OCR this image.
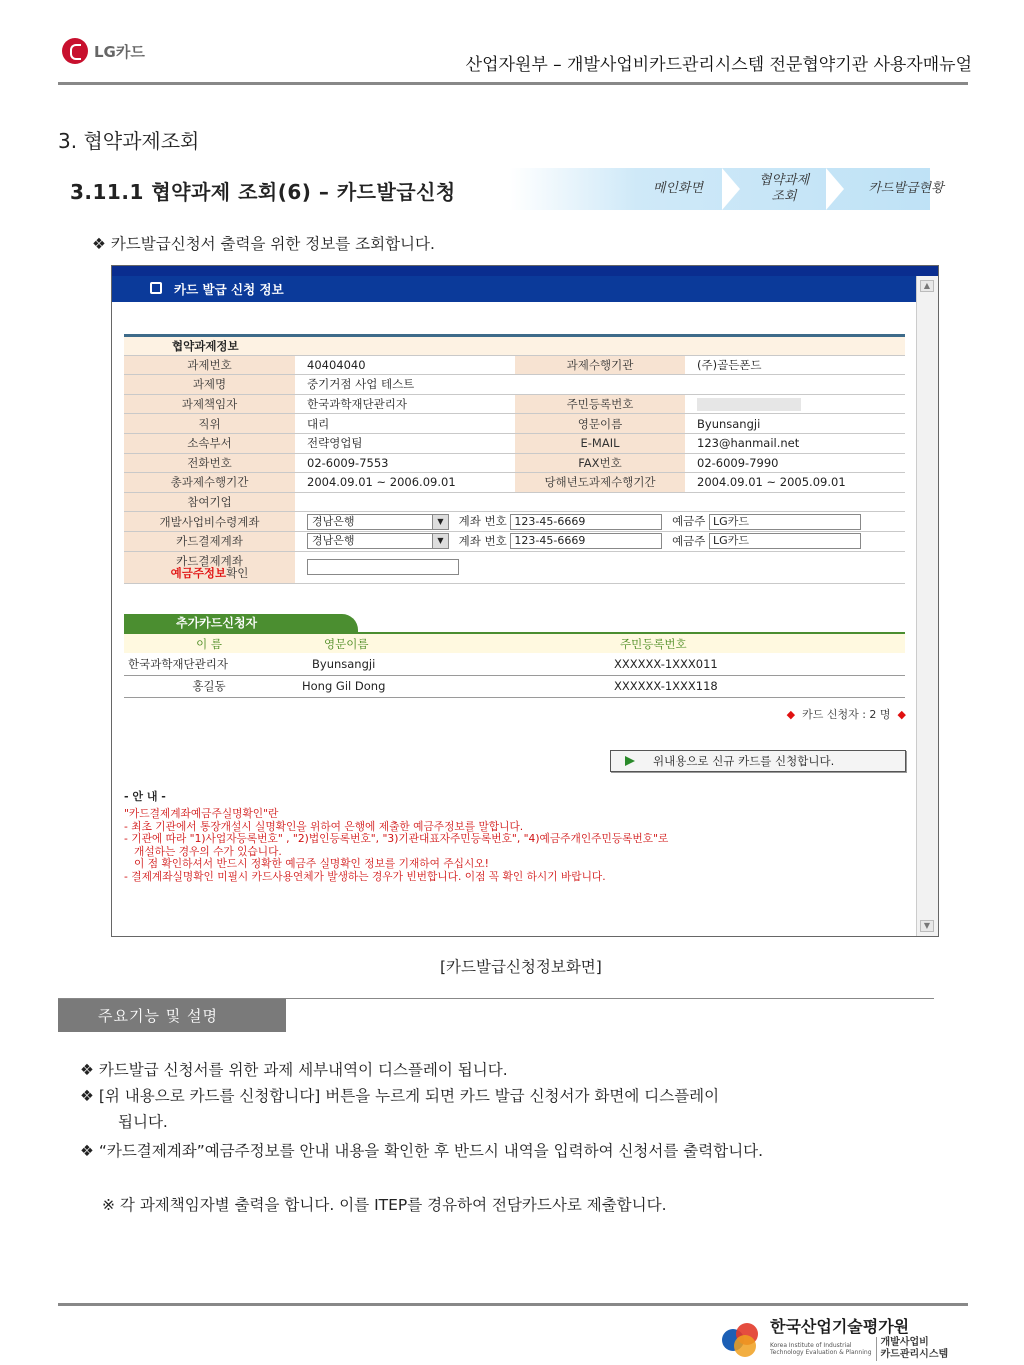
LG카드
산업자원부 – 개발사업비카드관리시스템 전문협약기관 사용자매뉴얼
3. 협약과제조회
3.11.1 협약과제 조회(6) – 카드발급신청	메인화면
협약과제 조회
카드발급현황
❖ 카드발급신청서 출력을 위한 정보를 조회합니다.
카드 발급 신청 정보	▲
▼
협약과제정보			
과제번호	40404040	과제수행기관	(주)골든폰드
과제명	중기거점 사업 테스트		
과제책임자	한국과학재단관리자	주민등록번호	
직위	대리	영문이름	Byunsangji
소속부서	전략영업팀	E-MAIL	123@hanmail.net
전화번호	02-6009-7553	FAX번호	02-6009-7990
총과제수행기간	2004.09.01 ~ 2006.09.01	당해년도과제수행기간	2004.09.01 ~ 2005.09.01
참여기업			
개발사업비수령계좌	경남은행 ▼ 계좌 번호 123-45-6669 예금주 LG카드		
카드결제계좌	경남은행 ▼ 계좌 번호 123-45-6669 예금주 LG카드		
카드결제계좌
예금주정보확인			
추가카드신청자
이 름	영문이름	주민등록번호
한국과학재단관리자	Byunsangji	XXXXXX-1XXX011
홍길동	Hong Gil Dong	XXXXXX-1XXX118
◆ 카드 신청자 : 2 명 ◆
위내용으로 신규 카드를 신청합니다.
- 안 내 -
"카드결제계좌예금주실명확인"란
- 최초 기관에서 통장개설시 실명확인을 위하여 은행에 제출한 예금주정보를 말합니다.
- 기관에 따라 "1)사업자등록번호" , "2)법인등록번호", "3)기관대표자주민등록번호", "4)예금주개인주민등록번호"로
개설하는 경우의 수가 있습니다.
이 점 확인하셔서 반드시 정확한 예금주 실명확인 정보를 기재하여 주십시오!
- 결제계좌실명확인 미필시 카드사용연체가 발생하는 경우가 빈번합니다. 이점 꼭 확인 하시기 바랍니다.
[카드발급신청정보화면]
주요기능 및 설명
❖ 카드발급 신청서를 위한 과제 세부내역이 디스플레이 됩니다.
❖ [위 내용으로 카드를 신청합니다] 버튼을 누르게 되면 카드 발급 신청서가 화면에 디스플레이
됩니다.
❖ “카드결제계좌”예금주정보를 안내 내용을 확인한 후 반드시 내역을 입력하여 신청서를 출력합니다.
※ 각 과제책임자별 출력을 합니다. 이를 ITEP를 경유하여 전담카드사로 제출합니다.
한국산업기술평가원
Korea Institute of Industrial
Technology Evaluation & Planning
개발사업비
카드관리시스템
